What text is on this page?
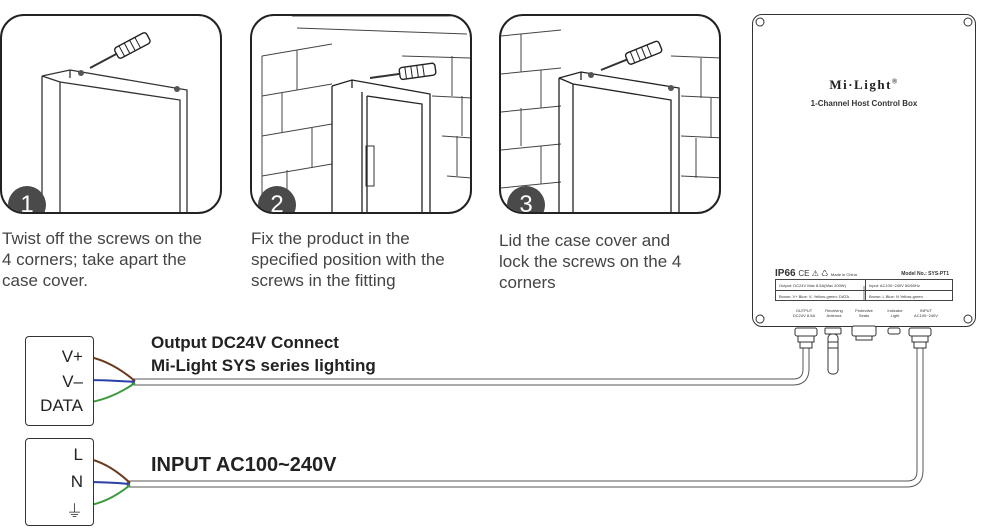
1
Twist off the screws on the
4 corners; take apart the
case cover.
2
Fix the product in the
specified position with the
screws in the fitting
3
Lid the case cover and
lock the screws on the 4
corners
Mi·Light®
1-Channel Host Control Box
IP66 CE ⚠ ♺ Made in China	Model No.: SYS-PT1
Output: DC24V Max 8.5A(Max 200W)	Input: AC100~240V 50/60Hz
Brown: V+ Blue: V- Yellow-green: DATA	Brown: L Blue: N Yellow-green
OUTPUT
DC24V 8.5A
Receiving
Antenna
Protective
Seats
Indicator
Light
INPUT
AC100~240V
V+
V–
DATA
L
N
⏚
Output DC24V Connect
Mi-Light SYS series lighting
INPUT AC100~240V
